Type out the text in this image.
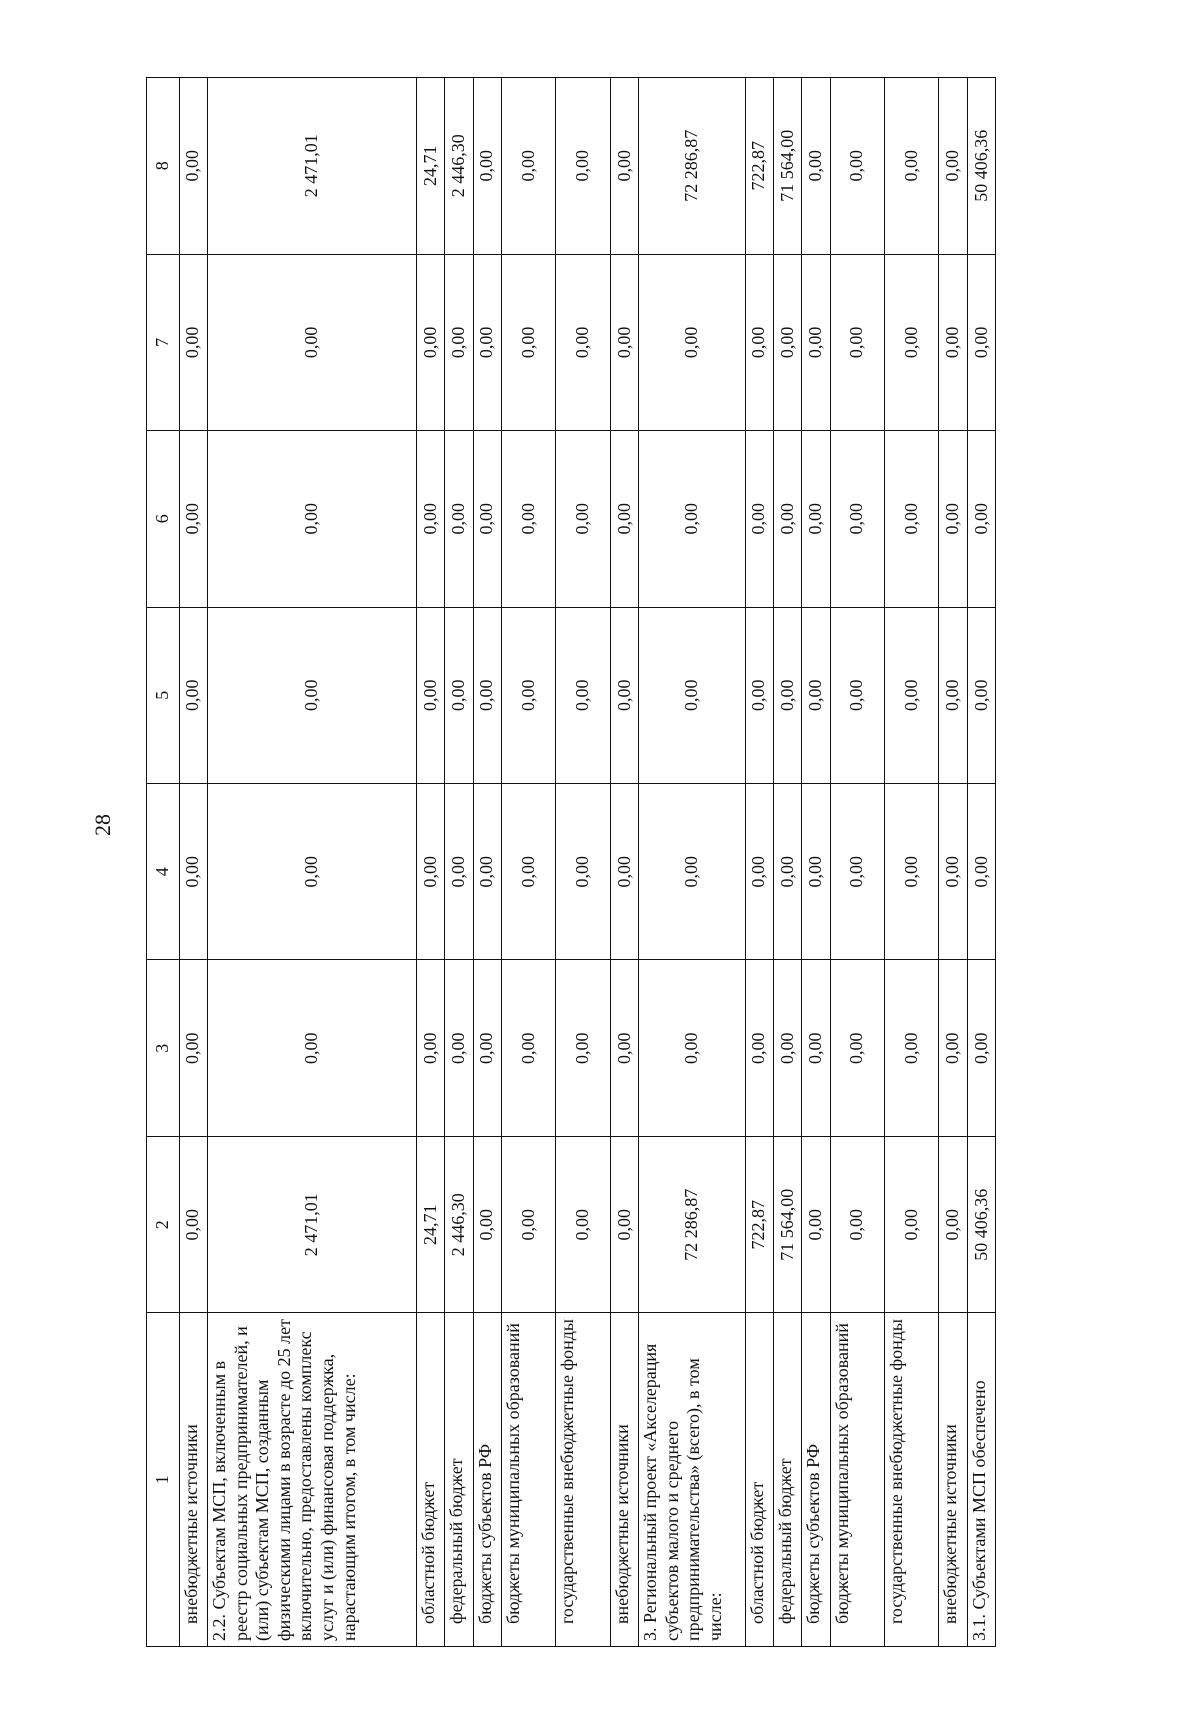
28
1	2	3	4	5	6	7	8
внебюджетные источники	0,00	0,00	0,00	0,00	0,00	0,00	0,00
2.2. Субъектам МСП, включенным в реестр социальных предпринимателей, и (или) субъектам МСП, созданным физическими лицами в возрасте до 25 лет включительно, предоставлены комплекс услуг и (или) финансовая поддержка, нарастающим итогом, в том числе:	2 471,01	0,00	0,00	0,00	0,00	0,00	2 471,01
областной бюджет	24,71	0,00	0,00	0,00	0,00	0,00	24,71
федеральный бюджет	2 446,30	0,00	0,00	0,00	0,00	0,00	2 446,30
бюджеты субъектов РФ	0,00	0,00	0,00	0,00	0,00	0,00	0,00
бюджеты муниципальных образований	0,00	0,00	0,00	0,00	0,00	0,00	0,00
государственные внебюджетные фонды	0,00	0,00	0,00	0,00	0,00	0,00	0,00
внебюджетные источники	0,00	0,00	0,00	0,00	0,00	0,00	0,00
3. Региональный проект «Акселерация субъектов малого и среднего предпринимательства» (всего), в том числе:	72 286,87	0,00	0,00	0,00	0,00	0,00	72 286,87
областной бюджет	722,87	0,00	0,00	0,00	0,00	0,00	722,87
федеральный бюджет	71 564,00	0,00	0,00	0,00	0,00	0,00	71 564,00
бюджеты субъектов РФ	0,00	0,00	0,00	0,00	0,00	0,00	0,00
бюджеты муниципальных образований	0,00	0,00	0,00	0,00	0,00	0,00	0,00
государственные внебюджетные фонды	0,00	0,00	0,00	0,00	0,00	0,00	0,00
внебюджетные источники	0,00	0,00	0,00	0,00	0,00	0,00	0,00
3.1. Субъектами МСП обеспечено	50 406,36	0,00	0,00	0,00	0,00	0,00	50 406,36
